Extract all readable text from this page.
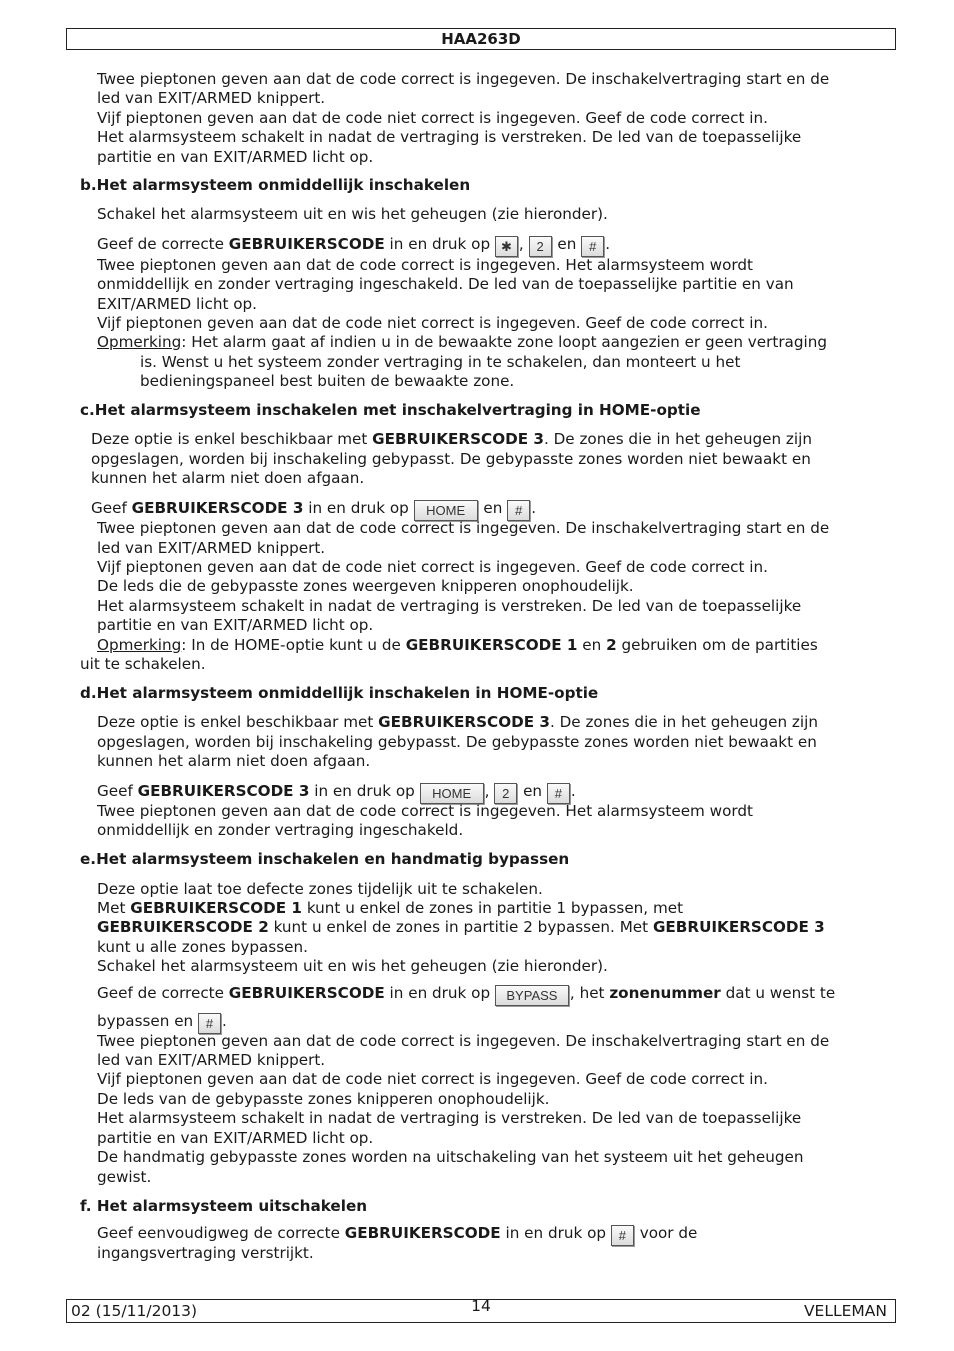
HAA263D
Twee pieptonen geven aan dat de code correct is ingegeven. De inschakelvertraging start en de
led van EXIT/ARMED knippert.
Vijf pieptonen geven aan dat de code niet correct is ingegeven. Geef de code correct in.
Het alarmsysteem schakelt in nadat de vertraging is verstreken. De led van de toepasselijke
partitie en van EXIT/ARMED licht op.
b.Het alarmsysteem onmiddellijk inschakelen
Schakel het alarmsysteem uit en wis het geheugen (zie hieronder).
Geef de correcte GEBRUIKERSCODE in en druk op ✱ , 2 en # .
Twee pieptonen geven aan dat de code correct is ingegeven. Het alarmsysteem wordt
onmiddellijk en zonder vertraging ingeschakeld. De led van de toepasselijke partitie en van
EXIT/ARMED licht op.
Vijf pieptonen geven aan dat de code niet correct is ingegeven. Geef de code correct in.
Opmerking: Het alarm gaat af indien u in de bewaakte zone loopt aangezien er geen vertraging
is. Wenst u het systeem zonder vertraging in te schakelen, dan monteert u het
bedieningspaneel best buiten de bewaakte zone.
c.Het alarmsysteem inschakelen met inschakelvertraging in HOME-optie
Deze optie is enkel beschikbaar met GEBRUIKERSCODE 3. De zones die in het geheugen zijn
opgeslagen, worden bij inschakeling gebypasst. De gebypasste zones worden niet bewaakt en
kunnen het alarm niet doen afgaan.
Geef GEBRUIKERSCODE 3 in en druk op HOME en # .
Twee pieptonen geven aan dat de code correct is ingegeven. De inschakelvertraging start en de
led van EXIT/ARMED knippert.
Vijf pieptonen geven aan dat de code niet correct is ingegeven. Geef de code correct in.
De leds die de gebypasste zones weergeven knipperen onophoudelijk.
Het alarmsysteem schakelt in nadat de vertraging is verstreken. De led van de toepasselijke
partitie en van EXIT/ARMED licht op.
Opmerking: In de HOME-optie kunt u de GEBRUIKERSCODE 1 en 2 gebruiken om de partities
uit te schakelen.
d.Het alarmsysteem onmiddellijk inschakelen in HOME-optie
Deze optie is enkel beschikbaar met GEBRUIKERSCODE 3. De zones die in het geheugen zijn
opgeslagen, worden bij inschakeling gebypasst. De gebypasste zones worden niet bewaakt en
kunnen het alarm niet doen afgaan.
Geef GEBRUIKERSCODE 3 in en druk op HOME , 2 en # .
Twee pieptonen geven aan dat de code correct is ingegeven. Het alarmsysteem wordt
onmiddellijk en zonder vertraging ingeschakeld.
e.Het alarmsysteem inschakelen en handmatig bypassen
Deze optie laat toe defecte zones tijdelijk uit te schakelen.
Met GEBRUIKERSCODE 1 kunt u enkel de zones in partitie 1 bypassen, met
GEBRUIKERSCODE 2 kunt u enkel de zones in partitie 2 bypassen. Met GEBRUIKERSCODE 3
kunt u alle zones bypassen.
Schakel het alarmsysteem uit en wis het geheugen (zie hieronder).
Geef de correcte GEBRUIKERSCODE in en druk op BYPASS , het zonenummer dat u wenst te
bypassen en # .
Twee pieptonen geven aan dat de code correct is ingegeven. De inschakelvertraging start en de
led van EXIT/ARMED knippert.
Vijf pieptonen geven aan dat de code niet correct is ingegeven. Geef de code correct in.
De leds van de gebypasste zones knipperen onophoudelijk.
Het alarmsysteem schakelt in nadat de vertraging is verstreken. De led van de toepasselijke
partitie en van EXIT/ARMED licht op.
De handmatig gebypasste zones worden na uitschakeling van het systeem uit het geheugen
gewist.
f. Het alarmsysteem uitschakelen
Geef eenvoudigweg de correcte GEBRUIKERSCODE in en druk op # voor de
ingangsvertraging verstrijkt.
02 (15/11/2013)	14	VELLEMAN
